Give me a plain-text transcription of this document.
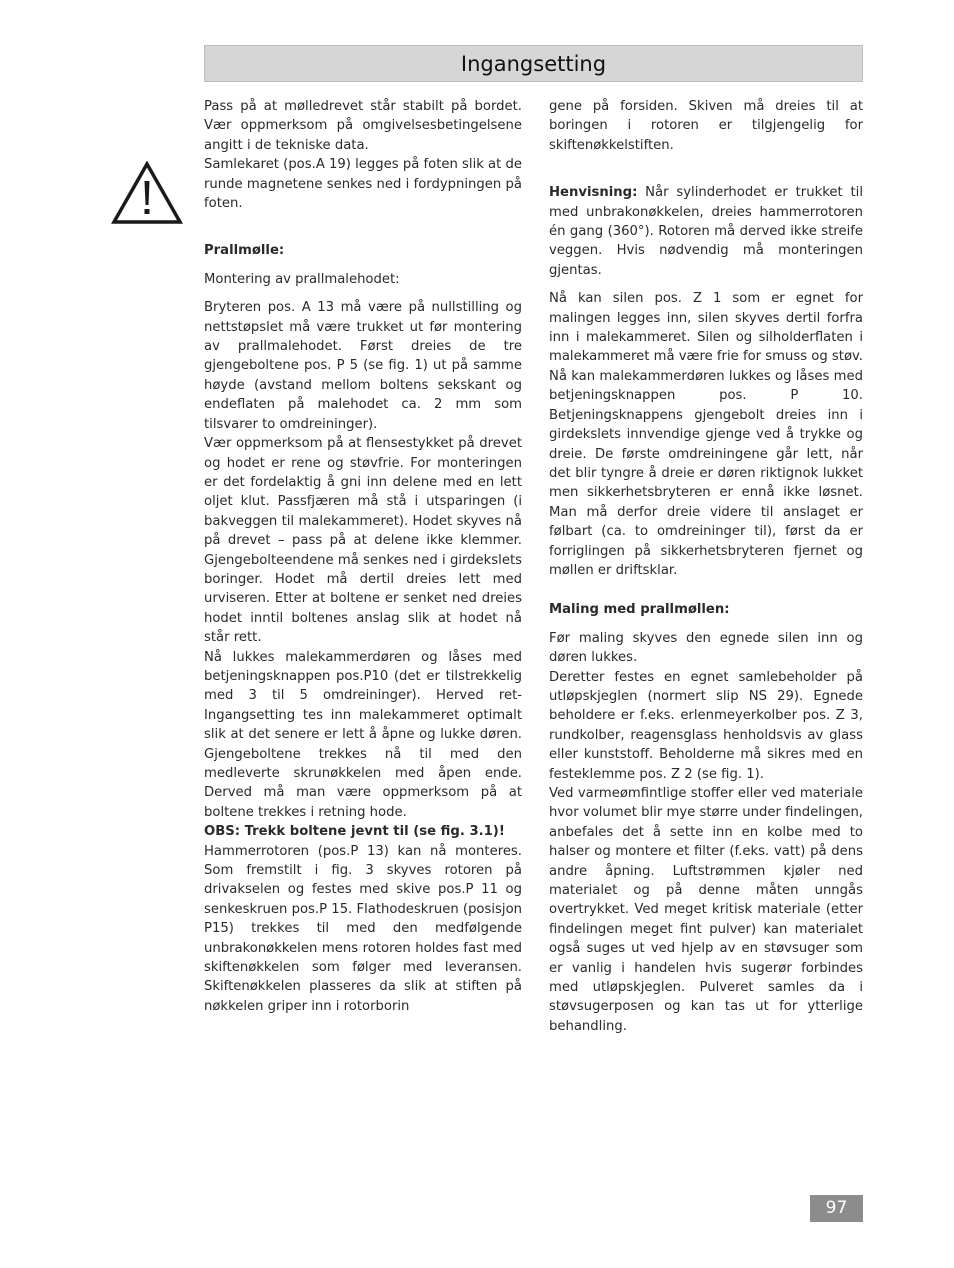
Ingangsetting

Pass på at mølledrevet står stabilt på bordet. Vær oppmerksom på omgivelsesbetingelsene angitt i de tekniske data.

Samlekaret (pos.A 19) legges på foten slik at de runde magnetene senkes ned i fordypningen på foten.

Prallmølle:

Montering av prallmalehodet:

Bryteren pos. A 13 må være på nullstilling og nettstøpslet må være trukket ut før montering av prallmalehodet. Først dreies de tre gjengeboltene pos. P 5 (se fig. 1) ut på samme høyde (avstand mellom boltens sekskant og endeflaten på malehodet ca. 2 mm som tilsvarer to omdreininger).

Vær oppmerksom på at flensestykket på drevet og hodet er rene og støvfrie. For monteringen er det fordelaktig å gni inn delene med en lett oljet klut. Passfjæren må stå i utsparingen (i bakveggen til malekammeret). Hodet skyves nå på drevet – pass på at delene ikke klemmer. Gjengebolteendene må senkes ned i girdekslets boringer. Hodet må dertil dreies lett med urviseren. Etter at boltene er senket ned dreies hodet inntil boltenes anslag slik at hodet nå står rett.

Nå lukkes malekammerdøren og låses med betjeningsknappen pos.P10 (det er tilstrekkelig med 3 til 5 omdreininger). Herved ret-Ingangsetting tes inn malekammeret optimalt slik at det senere er lett å åpne og lukke døren. Gjengeboltene trekkes nå til med den medleverte skrunøkkelen med åpen ende. Derved må man være oppmerksom på at boltene trekkes i retning hode.

OBS: Trekk boltene jevnt til (se fig. 3.1)!

Hammerrotoren (pos.P 13) kan nå monteres. Som fremstilt i fig. 3 skyves rotoren på drivakselen og festes med skive pos.P 11 og senkeskruen pos.P 15. Flathodeskruen (posisjon P15) trekkes til med den medfølgende unbrakonøkkelen mens rotoren holdes fast med skiftenøkkelen som følger med leveransen. Skiftenøkkelen plasseres da slik at stiften på nøkkelen griper inn i rotorborin

gene på forsiden. Skiven må dreies til at boringen i rotoren er tilgjengelig for skiftenøkkelstiften.

Henvisning: Når sylinderhodet er trukket til med unbrakonøkkelen, dreies hammerrotoren én gang (360°). Rotoren må derved ikke streife veggen. Hvis nødvendig må monteringen gjentas.

Nå kan silen pos. Z 1 som er egnet for malingen legges inn, silen skyves dertil forfra inn i malekammeret. Silen og silholderflaten i malekammeret må være frie for smuss og støv.

Nå kan malekammerdøren lukkes og låses med betjeningsknappen pos. P 10. Betjeningsknappens gjengebolt dreies inn i girdekslets innvendige gjenge ved å trykke og dreie. De første omdreiningene går lett, når det blir tyngre å dreie er døren riktignok lukket men sikkerhetsbryteren er ennå ikke løsnet. Man må derfor dreie videre til anslaget er følbart (ca. to omdreininger til), først da er forriglingen på sikkerhetsbryteren fjernet og møllen er driftsklar.

Maling med prallmøllen:

Før maling skyves den egnede silen inn og døren lukkes.

Deretter festes en egnet samlebeholder på utløpskjeglen (normert slip NS 29). Egnede beholdere er f.eks. erlenmeyerkolber pos. Z 3, rundkolber, reagensglass henholdsvis av glass eller kunststoff. Beholderne må sikres med en festeklemme pos. Z 2 (se fig. 1).

Ved varmeømfintlige stoffer eller ved materiale hvor volumet blir mye større under findelingen, anbefales det å sette inn en kolbe med to halser og montere et filter (f.eks. vatt) på dens andre åpning. Luftstrømmen kjøler ned materialet og på denne måten unngås overtrykket. Ved meget kritisk materiale (etter findelingen meget fint pulver) kan materialet også suges ut ved hjelp av en støvsuger som er vanlig i handelen hvis sugerør forbindes med utløpskjeglen. Pulveret samles da i støvsugerposen og kan tas ut for ytterlige behandling.

97
